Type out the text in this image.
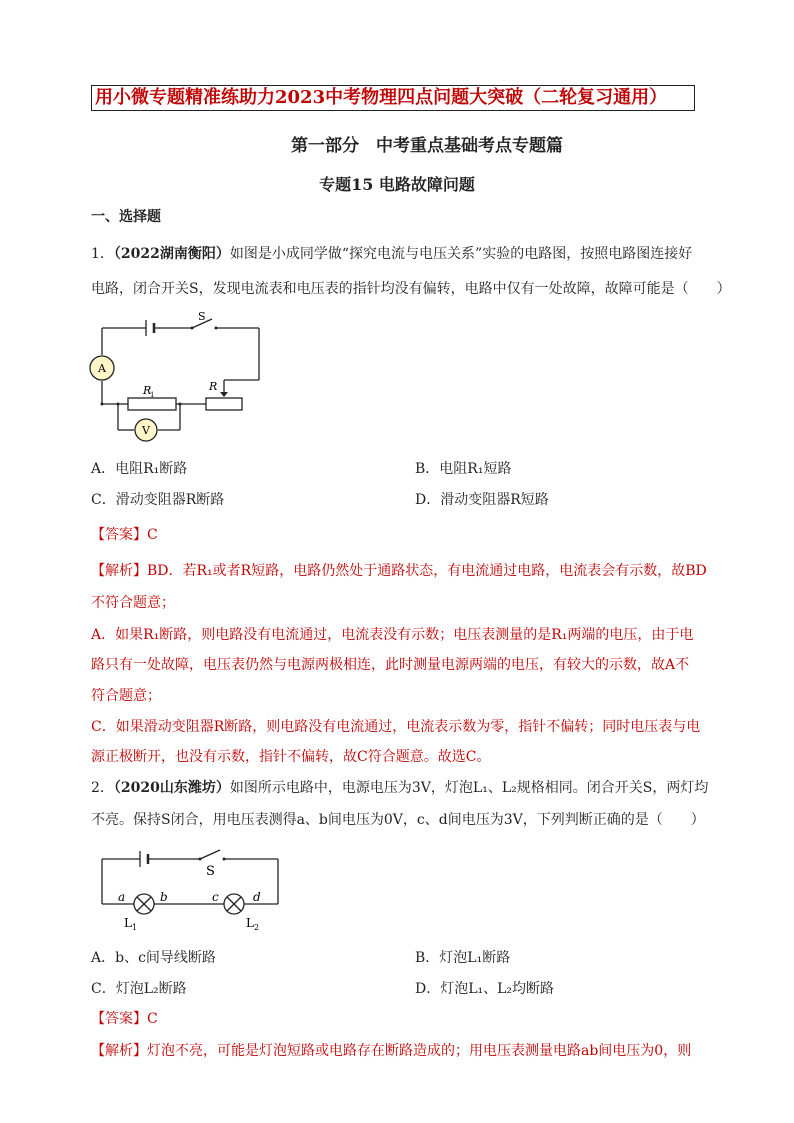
用小微专题精准练助力2023中考物理四点问题大突破（二轮复习通用）
第一部分　中考重点基础考点专题篇
专题15 电路故障问题
一、选择题
1．（2022湖南衡阳）如图是小成同学做“探究电流与电压关系”实验的电路图，按照电路图连接好
电路，闭合开关S，发现电流表和电压表的指针均没有偏转，电路中仅有一处故障，故障可能是（　　）
A
V
S
R
1
R
A．电阻R₁断路	B．电阻R₁短路
C．滑动变阻器R断路	D．滑动变阻器R短路
【答案】C
【解析】BD．若R₁或者R短路，电路仍然处于通路状态，有电流通过电路，电流表会有示数，故BD
不符合题意；
A．如果R₁断路，则电路没有电流通过，电流表没有示数；电压表测量的是R₁两端的电压，由于电
路只有一处故障，电压表仍然与电源两极相连，此时测量电源两端的电压，有较大的示数，故A不
符合题意；
C．如果滑动变阻器R断路，则电路没有电流通过，电流表示数为零，指针不偏转；同时电压表与电
源正极断开，也没有示数，指针不偏转，故C符合题意。故选C。
2．（2020山东潍坊）如图所示电路中，电源电压为3V，灯泡L₁、L₂规格相同。闭合开关S，两灯均
不亮。保持S闭合，用电压表测得a、b间电压为0V，c、d间电压为3V，下列判断正确的是（　　）
S
a	b	c	d
L 1	L 2
A．b、c间导线断路	B．灯泡L₁断路
C．灯泡L₂断路	D．灯泡L₁、L₂均断路
【答案】C
【解析】灯泡不亮，可能是灯泡短路或电路存在断路造成的；用电压表测量电路ab间电压为0，则
